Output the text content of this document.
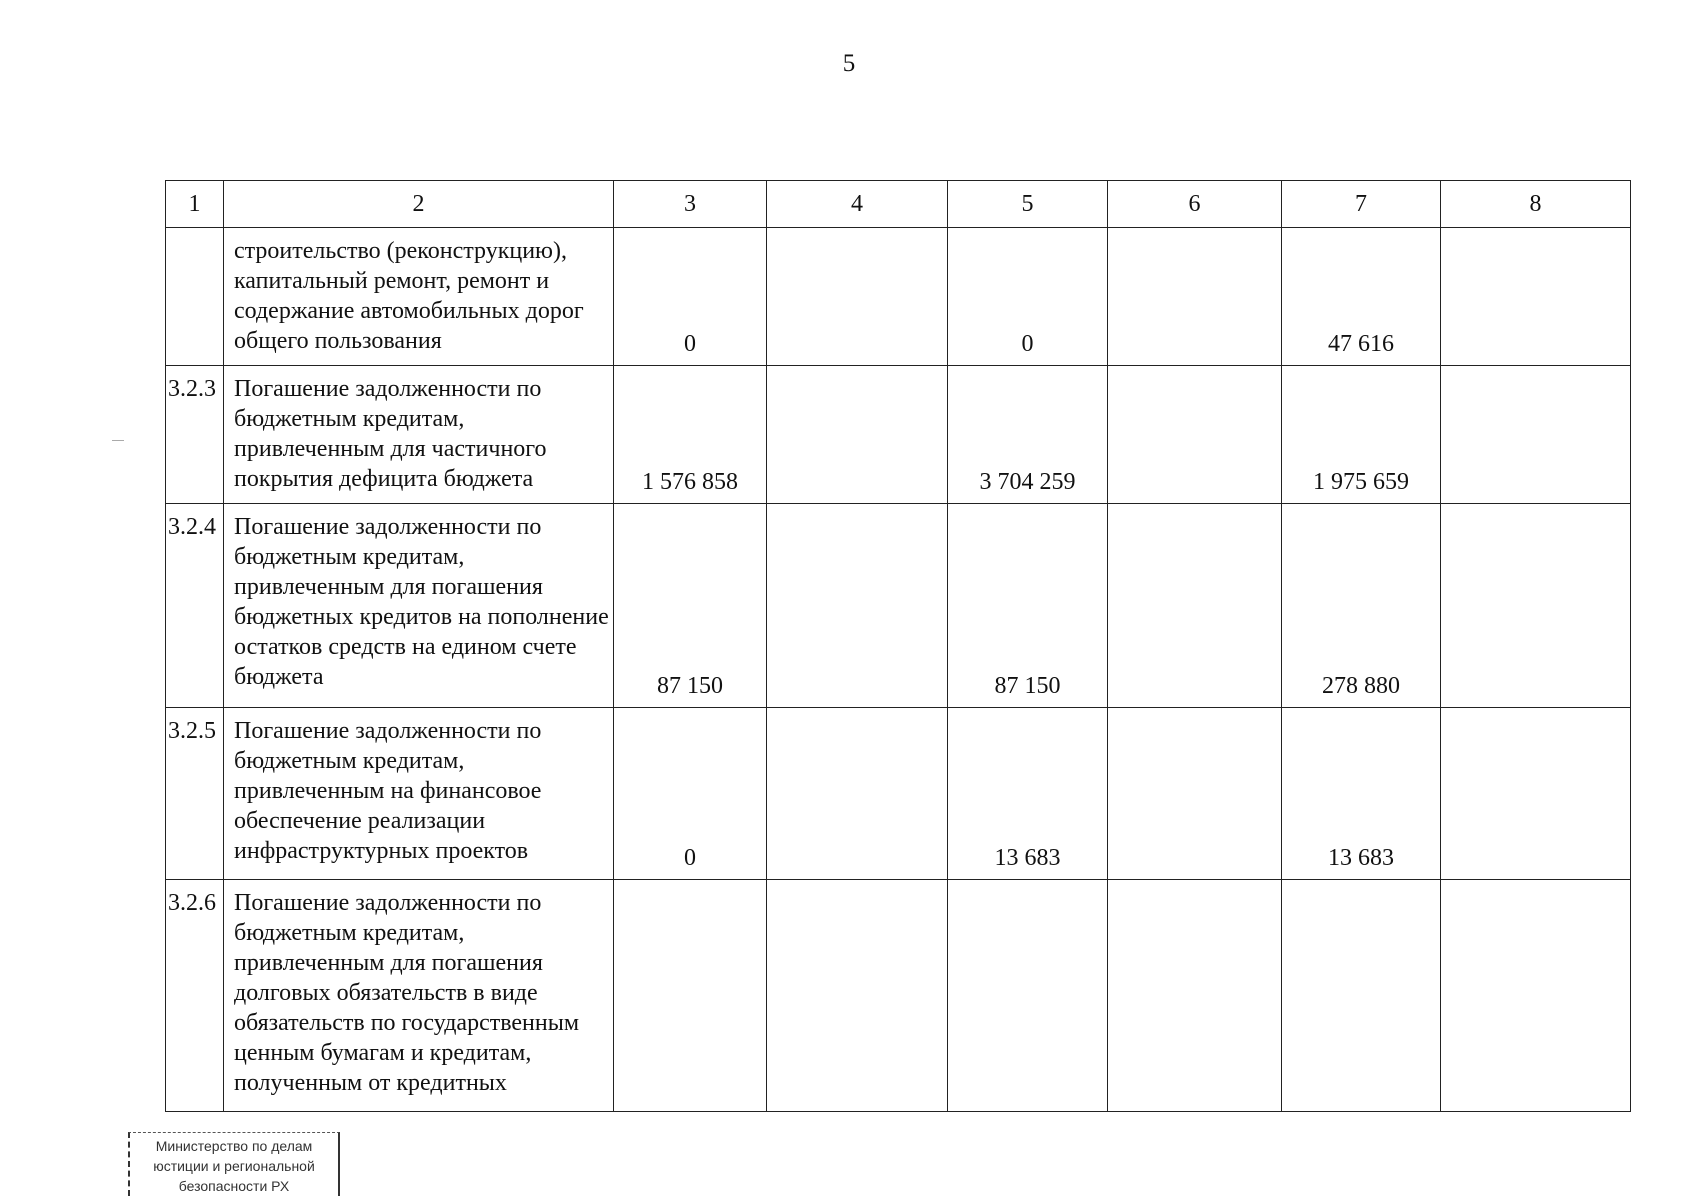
5
1	2	3	4	5	6	7	8
	строительство (реконструкцию), капитальный ремонт, ремонт и содержание автомобильных дорог общего пользования	0		0		47 616	
3.2.3	Погашение задолженности по бюджетным кредитам, привлеченным для частичного покрытия дефицита бюджета	1 576 858		3 704 259		1 975 659	
3.2.4	Погашение задолженности по бюджетным кредитам, привлеченным для погашения бюджетных кредитов на пополнение остатков средств на едином счете бюджета	87 150		87 150		278 880	
3.2.5	Погашение задолженности по бюджетным кредитам, привлеченным на финансовое обеспечение реализации инфраструктурных проектов	0		13 683		13 683	
3.2.6	Погашение задолженности по бюджетным кредитам, привлеченным для погашения долговых обязательств в виде обязательств по государственным ценным бумагам и кредитам, полученным от кредитных						
Министерство по делам
юстиции и региональной
безопасности РХ
